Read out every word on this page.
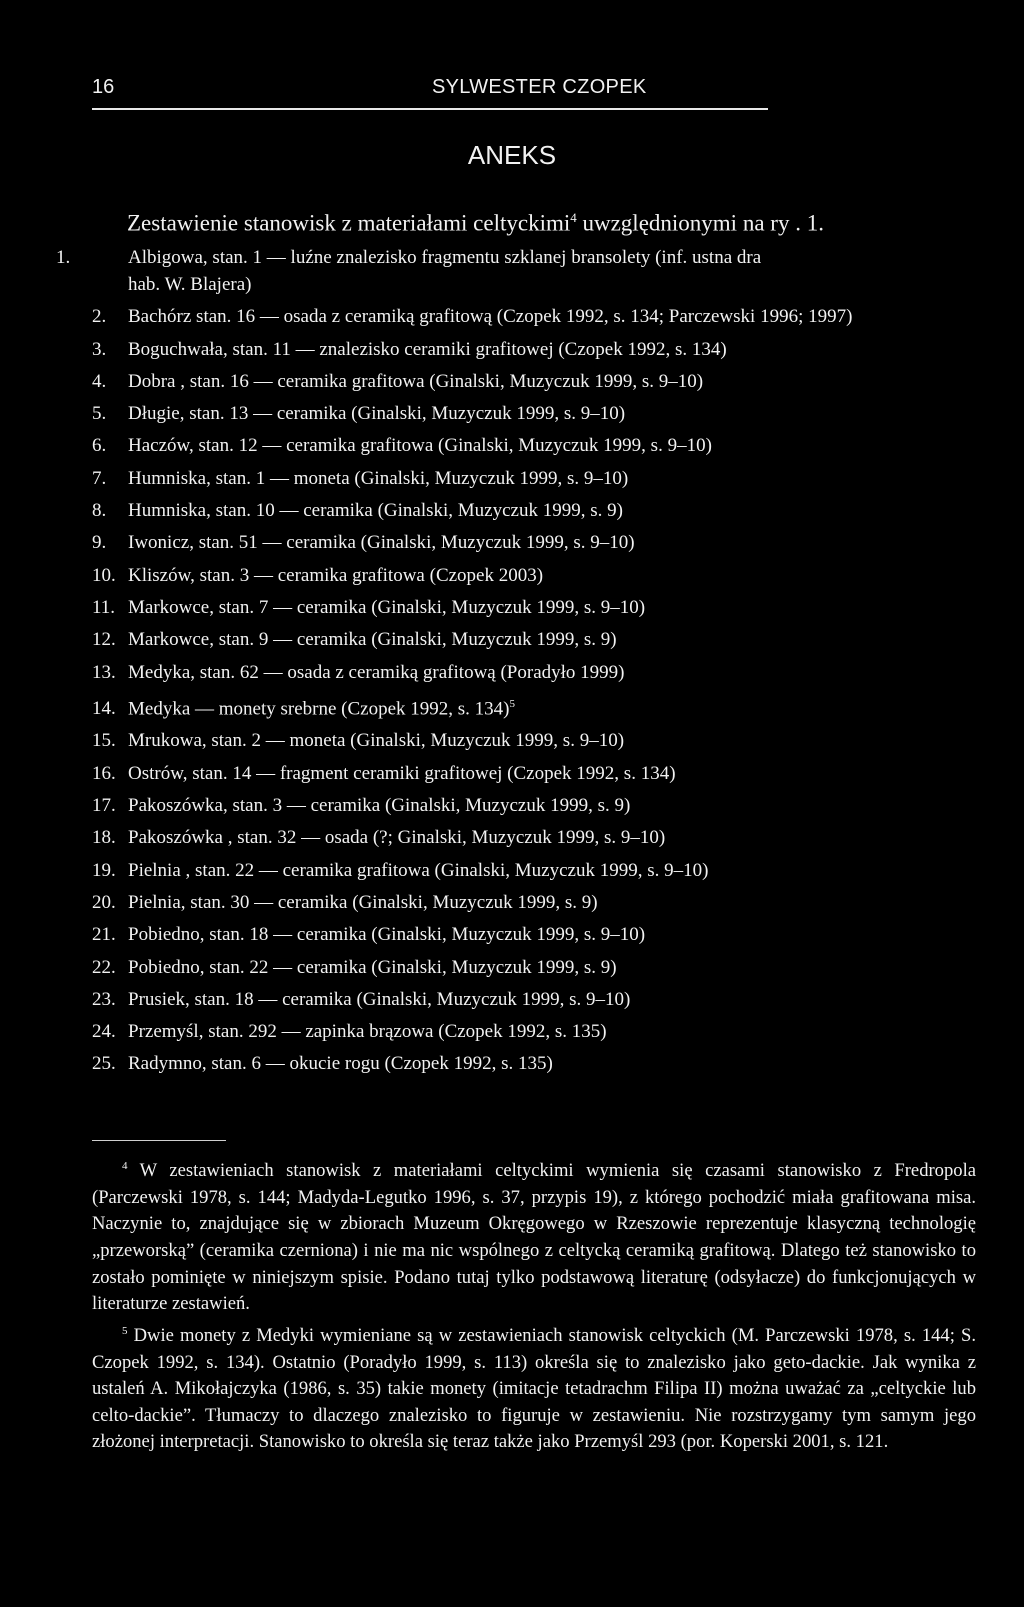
16	SYLWESTER CZOPEK
ANEKS
Zestawienie stanowisk z materiałami celtyckimi$^4$ uwzględnionymi na ry . 1.
1.	Albigowa, stan. 1 — luźne znalezisko fragmentu szklanej bransolety (inf. ustna dra hab. W. Blajera)
2. Bachórz stan. 16 — osada z ceramiką grafitową (Czopek 1992, s. 134; Parczewski 1996; 1997)
3. Boguchwała, stan. 11 — znalezisko ceramiki grafitowej (Czopek 1992, s. 134)
4. Dobra , stan. 16 — ceramika grafitowa (Ginalski, Muzyczuk 1999, s. 9–10)
5. Długie, stan. 13 — ceramika (Ginalski, Muzyczuk 1999, s. 9–10)
6. Haczów, stan. 12 — ceramika grafitowa (Ginalski, Muzyczuk 1999, s. 9–10)
7. Humniska, stan. 1 — moneta (Ginalski, Muzyczuk 1999, s. 9–10)
8. Humniska, stan. 10 — ceramika (Ginalski, Muzyczuk 1999, s. 9)
9. Iwonicz, stan. 51 — ceramika (Ginalski, Muzyczuk 1999, s. 9–10)
10. Kliszów, stan. 3 — ceramika grafitowa (Czopek 2003)
11. Markowce, stan. 7 — ceramika (Ginalski, Muzyczuk 1999, s. 9–10)
12. Markowce, stan. 9 — ceramika (Ginalski, Muzyczuk 1999, s. 9)
13. Medyka, stan. 62 — osada z ceramiką grafitową (Poradyło 1999)
14. Medyka — monety srebrne (Czopek 1992, s. 134)$^5$
15. Mrukowa, stan. 2 — moneta (Ginalski, Muzyczuk 1999, s. 9–10)
16. Ostrów, stan. 14 — fragment ceramiki grafitowej (Czopek 1992, s. 134)
17. Pakoszówka, stan. 3 — ceramika (Ginalski, Muzyczuk 1999, s. 9)
18. Pakoszówka , stan. 32 — osada (?; Ginalski, Muzyczuk 1999, s. 9–10)
19. Pielnia , stan. 22 — ceramika grafitowa (Ginalski, Muzyczuk 1999, s. 9–10)
20. Pielnia, stan. 30 — ceramika (Ginalski, Muzyczuk 1999, s. 9)
21. Pobiedno, stan. 18 — ceramika (Ginalski, Muzyczuk 1999, s. 9–10)
22. Pobiedno, stan. 22 — ceramika (Ginalski, Muzyczuk 1999, s. 9)
23. Prusiek, stan. 18 — ceramika (Ginalski, Muzyczuk 1999, s. 9–10)
24. Przemyśl, stan. 292 — zapinka brązowa (Czopek 1992, s. 135)
25. Radymno, stan. 6 — okucie rogu (Czopek 1992, s. 135)

$^4$ W zestawieniach stanowisk z materiałami celtyckimi wymienia się czasami stanowisko z Fredropola (Parczewski 1978, s. 144; Madyda-Legutko 1996, s. 37, przypis 19), z którego pochodzić miała grafitowana misa. Naczynie to, znajdujące się w zbiorach Muzeum Okręgowego w Rzeszowie reprezentuje klasyczną technologię „przeworską” (ceramika czerniona) i nie ma nic wspólnego z celtycką ceramiką grafitową. Dlatego też stanowisko to zostało pominięte w niniejszym spisie. Podano tutaj tylko podstawową literaturę (odsyłacze) do funkcjonujących w literaturze zestawień.

$^5$ Dwie monety z Medyki wymieniane są w zestawieniach stanowisk celtyckich (M. Parczewski 1978, s. 144; S. Czopek 1992, s. 134). Ostatnio (Poradyło 1999, s. 113) określa się to znalezisko jako geto-dackie. Jak wynika z ustaleń A. Mikołajczyka (1986, s. 35) takie monety (imitacje tetadrachm Filipa II) można uważać za „celtyckie lub celto-dackie”. Tłumaczy to dlaczego znalezisko to figuruje w zestawieniu. Nie rozstrzygamy tym samym jego złożonej interpretacji. Stanowisko to określa się teraz także jako Przemyśl 293 (por. Koperski 2001, s. 121.
